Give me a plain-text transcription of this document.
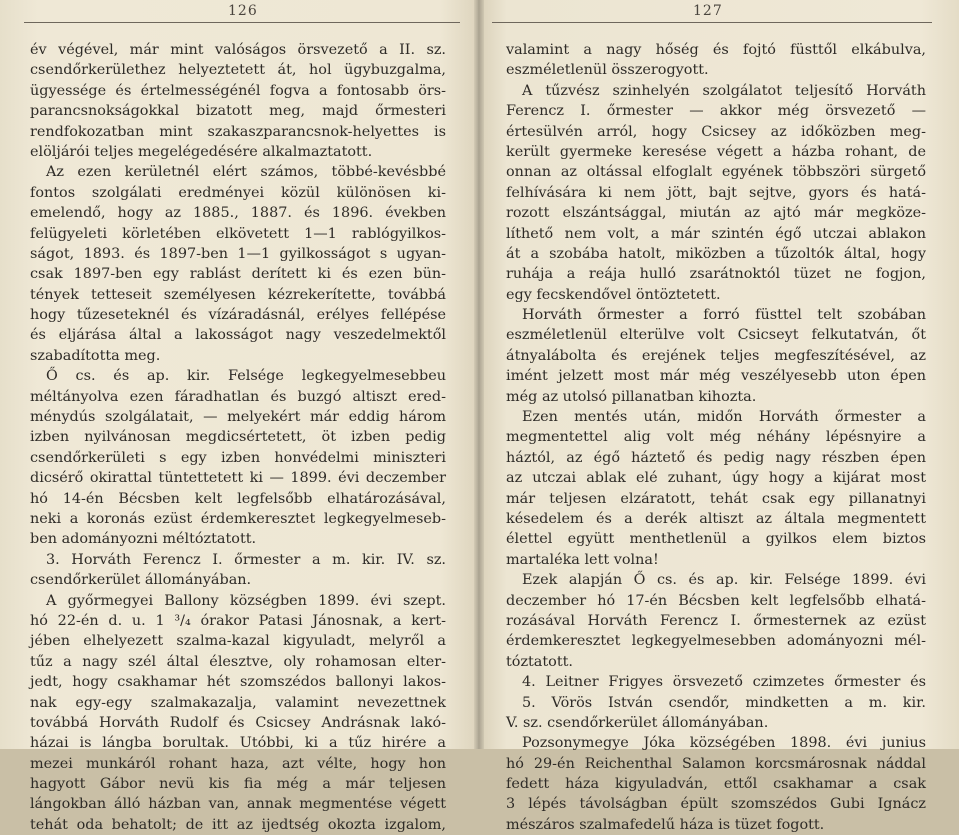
126
év végével, már mint valóságos örsvezető a II. sz.
csendőrkerülethez helyeztetett át, hol ügybuzgalma,
ügyessége és értelmességénél fogva a fontosabb örs-
parancsnokságokkal bizatott meg, majd őrmesteri
rendfokozatban mint szakaszparancsnok-helyettes is
elöljárói teljes megelégedésére alkalmaztatott.
Az ezen kerületnél elért számos, többé-kevésbbé
fontos szolgálati eredményei közül különösen ki-
emelendő, hogy az 1885., 1887. és 1896. években
felügyeleti körletében elkövetett 1—1 rablógyilkos-
ságot, 1893. és 1897-ben 1—1 gyilkosságot s ugyan-
csak 1897-ben egy rablást derített ki és ezen bün-
tények tetteseit személyesen kézrekerítette, továbbá
hogy tűzeseteknél és vízáradásnál, erélyes fellépése
és eljárása által a lakosságot nagy veszedelmektől
szabadította meg.
Ő cs. és ap. kir. Felsége legkegyelmesebbeu
méltányolva ezen fáradhatlan és buzgó altiszt ered-
ménydús szolgálatait, — melyekért már eddig három
izben nyilvánosan megdicsértetett, öt izben pedig
csendőrkerületi s egy izben honvédelmi miniszteri
dicsérő okirattal tüntettetett ki — 1899. évi deczember
hó 14-én Bécsben kelt legfelsőbb elhatározásával,
neki a koronás ezüst érdemkeresztet legkegyelmeseb-
ben adományozni méltóztatott.
3. Horváth Ferencz I. őrmester a m. kir. IV. sz.
csendőrkerület állományában.
A győrmegyei Ballony községben 1899. évi szept.
hó 22-én d. u. 1 ³/₄ órakor Patasi Jánosnak, a kert-
jében elhelyezett szalma-kazal kigyuladt, melyről a
tűz a nagy szél által élesztve, oly rohamosan elter-
jedt, hogy csakhamar hét szomszédos ballonyi lakos-
nak egy-egy szalmakazalja, valamint nevezettnek
továbbá Horváth Rudolf és Csicsey Andrásnak lakó-
házai is lángba borultak. Utóbbi, ki a tűz hirére a
mezei munkáról rohant haza, azt vélte, hogy hon
hagyott Gábor nevü kis fia még a már teljesen
lángokban álló házban van, annak megmentése végett
tehát oda behatolt; de itt az ijedtség okozta izgalom,
127
valamint a nagy hőség és fojtó füsttől elkábulva,
eszméletlenül összerogyott.
A tűzvész szinhelyén szolgálatot teljesítő Horváth
Ferencz I. őrmester — akkor még örsvezető —
értesülvén arról, hogy Csicsey az időközben meg-
került gyermeke keresése végett a házba rohant, de
onnan az oltással elfoglalt egyének többszöri sürgető
felhívására ki nem jött, bajt sejtve, gyors és hatá-
rozott elszántsággal, miután az ajtó már megköze-
líthető nem volt, a már szintén égő utczai ablakon
át a szobába hatolt, miközben a tűzoltók által, hogy
ruhája a reája hulló zsarátnoktól tüzet ne fogjon,
egy fecskendővel öntöztetett.
Horváth őrmester a forró füsttel telt szobában
eszméletlenül elterülve volt Csicseyt felkutatván, őt
átnyalábolta és erejének teljes megfeszítésével, az
imént jelzett most már még veszélyesebb uton épen
még az utolsó pillanatban kihozta.
Ezen mentés után, midőn Horváth őrmester a
megmentettel alig volt még néhány lépésnyire a
háztól, az égő háztető és pedig nagy részben épen
az utczai ablak elé zuhant, úgy hogy a kijárat most
már teljesen elzáratott, tehát csak egy pillanatnyi
késedelem és a derék altiszt az általa megmentett
élettel együtt menthetlenül a gyilkos elem biztos
martaléka lett volna!
Ezek alapján Ő cs. és ap. kir. Felsége 1899. évi
deczember hó 17-én Bécsben kelt legfelsőbb elhatá-
rozásával Horváth Ferencz I. őrmesternek az ezüst
érdemkeresztet legkegyelmesebben adományozni mél-
tóztatott.
4. Leitner Frigyes örsvezető czimzetes őrmester és
5. Vörös István csendőr, mindketten a m. kir.
V. sz. csendőrkerület állományában.
Pozsonymegye Jóka községében 1898. évi junius
hó 29-én Reichenthal Salamon korcsmárosnak náddal
fedett háza kigyuladván, ettől csakhamar a csak
3 lépés távolságban épült szomszédos Gubi Ignácz
mészáros szalmafedelű háza is tüzet fogott.
